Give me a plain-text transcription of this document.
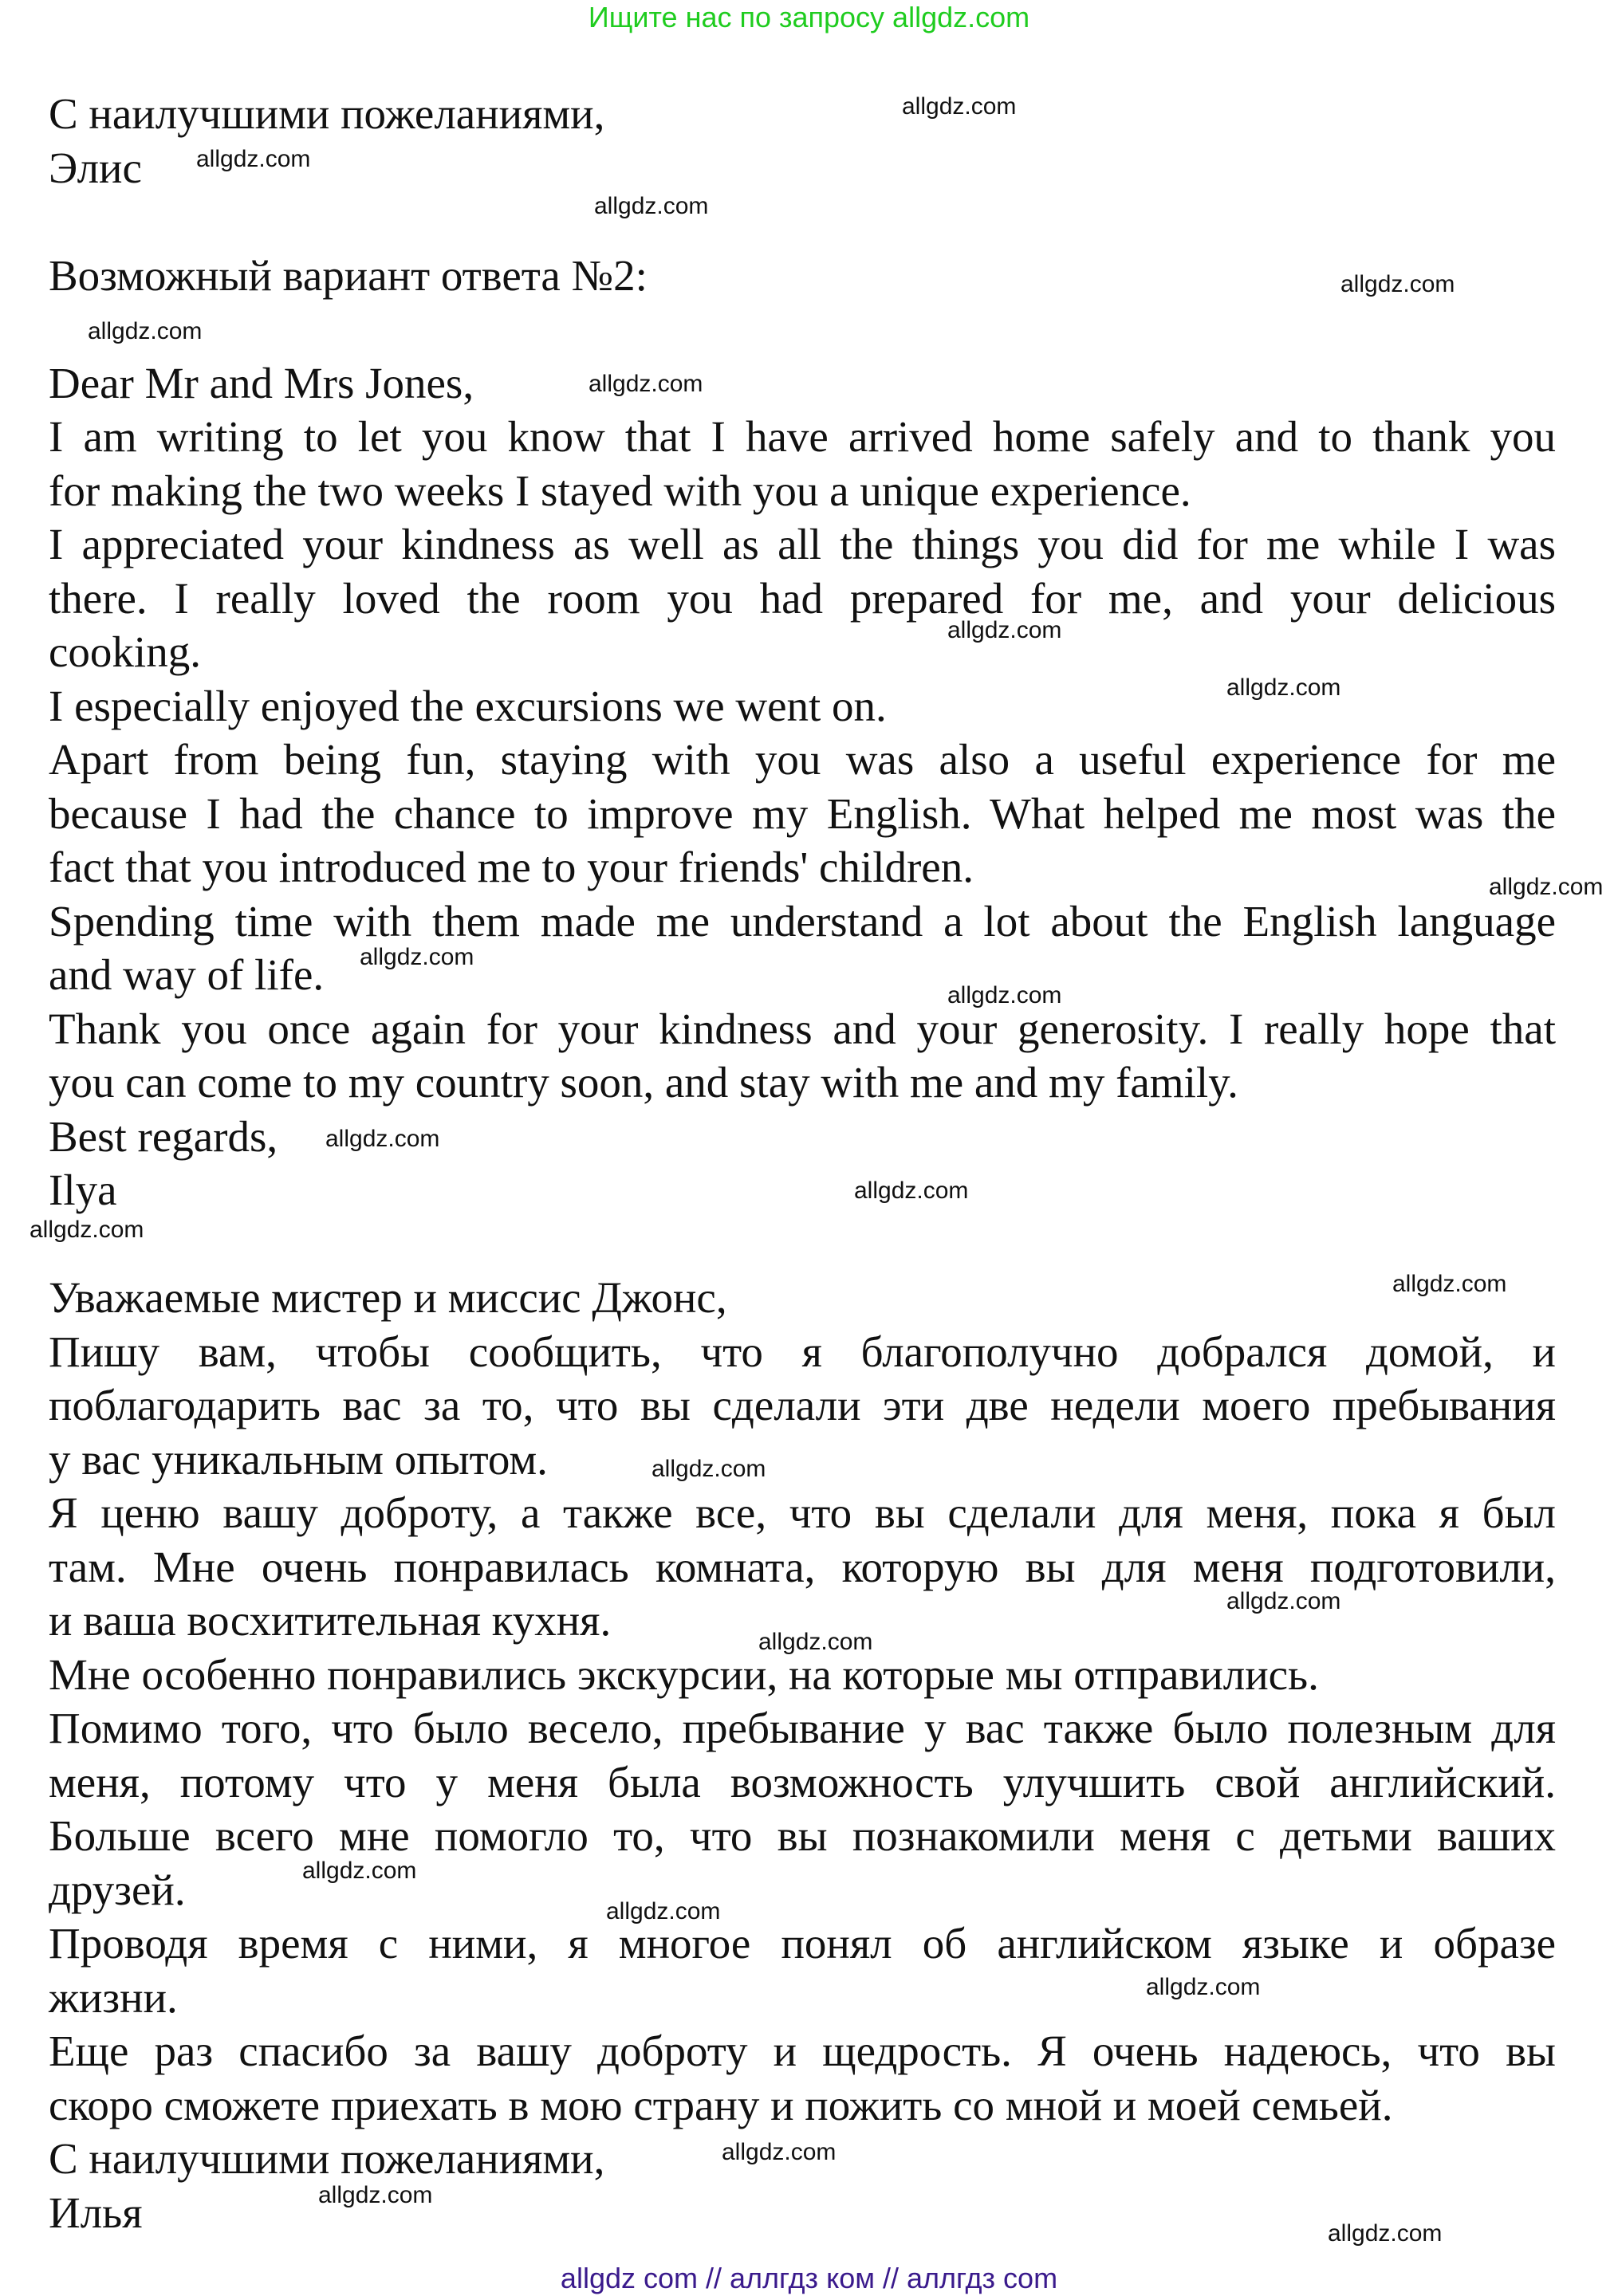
Ищите нас по запросу allgdz.com
С наилучшими пожеланиями,
Элис
Возможный вариант ответа №2:
Dear Mr and Mrs Jones,
I am writing to let you know that I have arrived home safely and to thank you
for making the two weeks I stayed with you a unique experience.
I appreciated your kindness as well as all the things you did for me while I was
there. I really loved the room you had prepared for me, and your delicious
cooking.
I especially enjoyed the excursions we went on.
Apart from being fun, staying with you was also a useful experience for me
because I had the chance to improve my English. What helped me most was the
fact that you introduced me to your friends' children.
Spending time with them made me understand a lot about the English language
and way of life.
Thank you once again for your kindness and your generosity. I really hope that
you can come to my country soon, and stay with me and my family.
Best regards,
Ilya
Уважаемые мистер и миссис Джонс,
Пишу вам, чтобы сообщить, что я благополучно добрался домой, и
поблагодарить вас за то, что вы сделали эти две недели моего пребывания
у вас уникальным опытом.
Я ценю вашу доброту, а также все, что вы сделали для меня, пока я был
там. Мне очень понравилась комната, которую вы для меня подготовили,
и ваша восхитительная кухня.
Мне особенно понравились экскурсии, на которые мы отправились.
Помимо того, что было весело, пребывание у вас также было полезным для
меня, потому что у меня была возможность улучшить свой английский.
Больше всего мне помогло то, что вы познакомили меня с детьми ваших
друзей.
Проводя время с ними, я многое понял об английском языке и образе
жизни.
Еще раз спасибо за вашу доброту и щедрость. Я очень надеюсь, что вы
скоро сможете приехать в мою страну и пожить со мной и моей семьей.
С наилучшими пожеланиями,
Илья
allgdz.com
allgdz.com
allgdz.com
allgdz.com
allgdz.com
allgdz.com
allgdz.com
allgdz.com
allgdz.com
allgdz.com
allgdz.com
allgdz.com
allgdz.com
allgdz.com
allgdz.com
allgdz.com
allgdz.com
allgdz.com
allgdz.com
allgdz.com
allgdz.com
allgdz.com
allgdz.com
allgdz.com
allgdz com // аллгдз ком // аллгдз com
